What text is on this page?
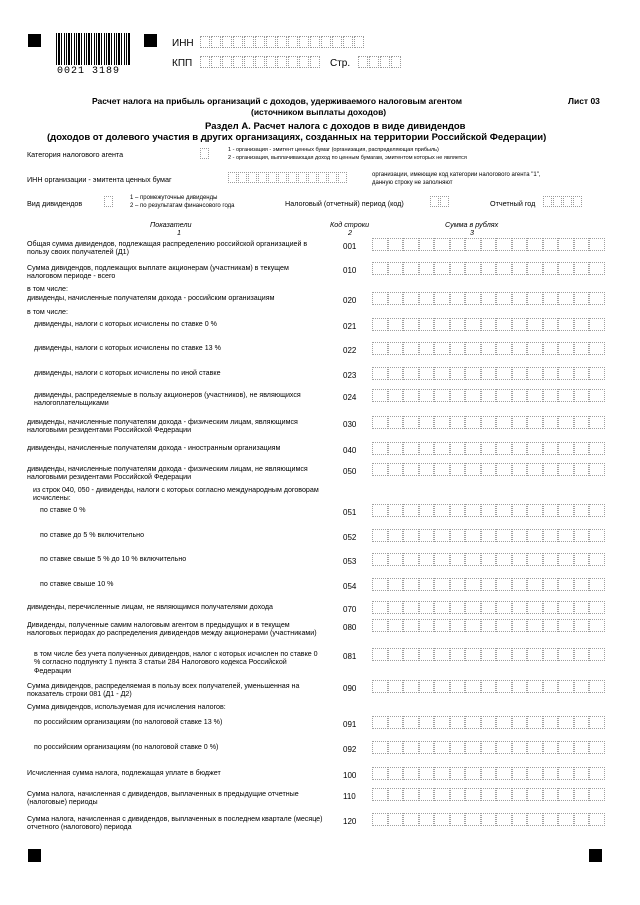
0021 3189
ИНН
КПП	Стр.
Расчет налога на прибыль организаций с доходов, удерживаемого налоговым агентом
(источником выплаты доходов)
Лист 03
Раздел А. Расчет налога с доходов в виде дивидендов
(доходов от долевого участия в других организациях, созданных на территории Российской Федерации)
Категория налогового агента	1 - организация - эмитент ценных бумаг (организация, распределяющая прибыль)
2 - организация, выплачивающая доход по ценным бумагам, эмитентом которых не является
ИНН организации - эмитента ценных бумаг	организации, имеющие код категории налогового агента "1",
данную строку не заполняют
Вид дивидендов
1 – промежуточные дивиденды
2 – по результатам финансового года	Налоговый (отчетный) период (код)	Отчетный год
Показатели	Код строки	Сумма в рублях
1	2	3
Общая сумма дивидендов, подлежащая распределению российской организацией в пользу своих получателей (Д1)
001
Сумма дивидендов, подлежащих выплате акционерам (участникам) в текущем налоговом периоде - всего
010
дивиденды, начисленные получателям дохода - российским организациям	020
дивиденды, налоги с которых исчислены по ставке 0 %	021
дивиденды, налоги с которых исчислены по ставке 13 %	022
дивиденды, налоги с которых исчислены по иной ставке	023
дивиденды, распределяемые в пользу акционеров (участников), не являющихся налогоплательщиками
024
дивиденды, начисленные получателям дохода - физическим лицам, являющимся налоговыми резидентами Российской Федерации
030
дивиденды, начисленные получателям дохода - иностранным организациям	040
дивиденды, начисленные получателям дохода - физическим лицам, не являющимся налоговыми резидентами Российской Федерации
050
по ставке 0 %	051
по ставке до 5 % включительно	052
по ставке свыше 5 % до 10 % включительно	053
по ставке свыше 10 %	054
дивиденды, перечисленные лицам, не являющимся получателями дохода	070
Дивиденды, полученные самим налоговым агентом в предыдущих и в текущем налоговых периодах до распределения дивидендов между акционерами (участниками)
080
в том числе без учета полученных дивидендов, налог с которых исчислен по ставке 0 % согласно подпункту 1 пункта 3 статьи 284 Налогового кодекса Российской Федерации
081
Сумма дивидендов, распределяемая в пользу всех получателей, уменьшенная на показатель строки 081 (Д1 - Д2)
090
по российским организациям (по налоговой ставке 13 %)	091
по российским организациям (по налоговой ставке 0 %)	092
Исчисленная сумма налога, подлежащая уплате в бюджет	100
Сумма налога, начисленная с дивидендов, выплаченных в предыдущие отчетные (налоговые) периоды
110
Сумма налога, начисленная с дивидендов, выплаченных в последнем квартале (месяце) отчетного (налогового) периода
120
в том числе:
в том числе:
из строк 040, 050 - дивиденды, налоги с которых согласно международным договорам исчислены:
Сумма дивидендов, используемая для исчисления налогов:
